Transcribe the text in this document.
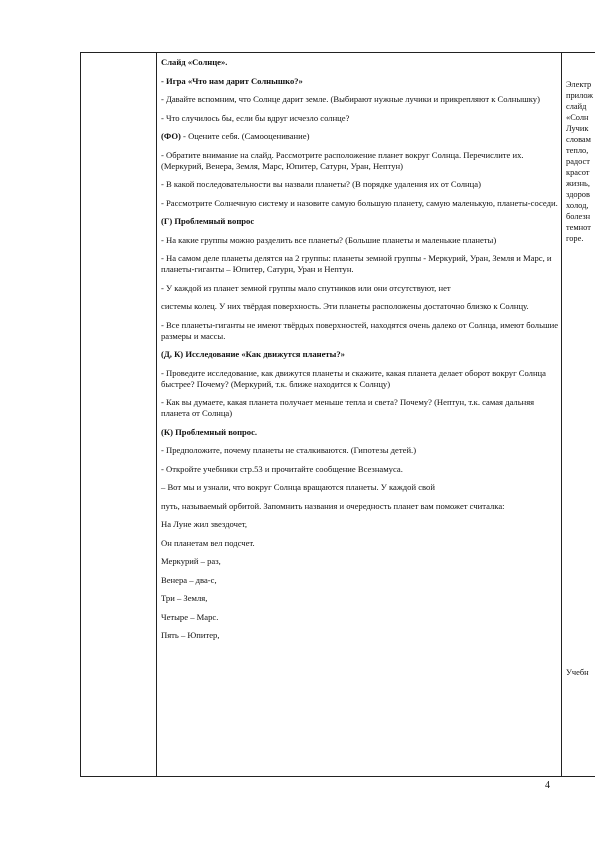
Слайд «Солнце».

- Игра «Что нам дарит Солнышко?»

- Давайте вспомним, что Солнце дарит земле. (Выбирают нужные лучики и прикрепляют к Солнышку)

- Что случилось бы, если бы вдруг исчезло солнце?

(ФО) - Оцените себя. (Самооценивание)

- Обратите внимание на слайд. Рассмотрите расположение планет вокруг Солнца. Перечислите их. (Меркурий, Венера, Земля, Марс, Юпитер, Сатурн, Уран, Нептун)

- В какой последовательности вы назвали планеты? (В порядке удаления их от Солнца)

- Рассмотрите Солнечную систему и назовите самую большую планету, самую маленькую, планеты-соседи.

(Г) Проблемный вопрос

- На какие группы можно разделить все планеты? (Большие планеты и маленькие планеты)

- На самом деле планеты делятся на 2 группы: планеты земной группы - Меркурий, Уран, Земля и Марс, и планеты-гиганты – Юпитер, Сатурн, Уран и Нептун.

- У каждой из планет земной группы мало спутников или они отсутствуют, нет

системы колец. У них твёрдая поверхность. Эти планеты расположены достаточно близко к Солнцу.

- Все планеты-гиганты не имеют твёрдых поверхностей, находятся очень далеко от Солнца, имеют большие размеры и массы.

(Д, К) Исследование «Как движутся планеты?»

- Проведите исследование, как движутся планеты и скажите, какая планета делает оборот вокруг Солнца быстрее? Почему? (Меркурий, т.к. ближе находится к Солнцу)

- Как вы думаете, какая планета получает меньше тепла и света? Почему? (Нептун, т.к. самая дальняя планета от Солнца)

(К) Проблемный вопрос.

- Предположите, почему планеты не сталкиваются. (Гипотезы детей.)

- Откройте учебники стр.53 и прочитайте сообщение Всезнамуса.

– Вот мы и узнали, что вокруг Солнца вращаются планеты. У каждой свой

путь, называемый орбитой. Запомнить названия и очередность планет вам поможет считалка:

На Луне жил звездочет,

Он планетам вел подсчет.

Меркурий – раз,

Венера – два-с,

Три – Земля,

Четыре – Марс.

Пять – Юпитер,

Электр
прилож
слайд
«Солн
Лучик
словам
тепло,
радост
красот
жизнь,
здоров
холод,
болезн
темнот
горе.
Учебн
4
